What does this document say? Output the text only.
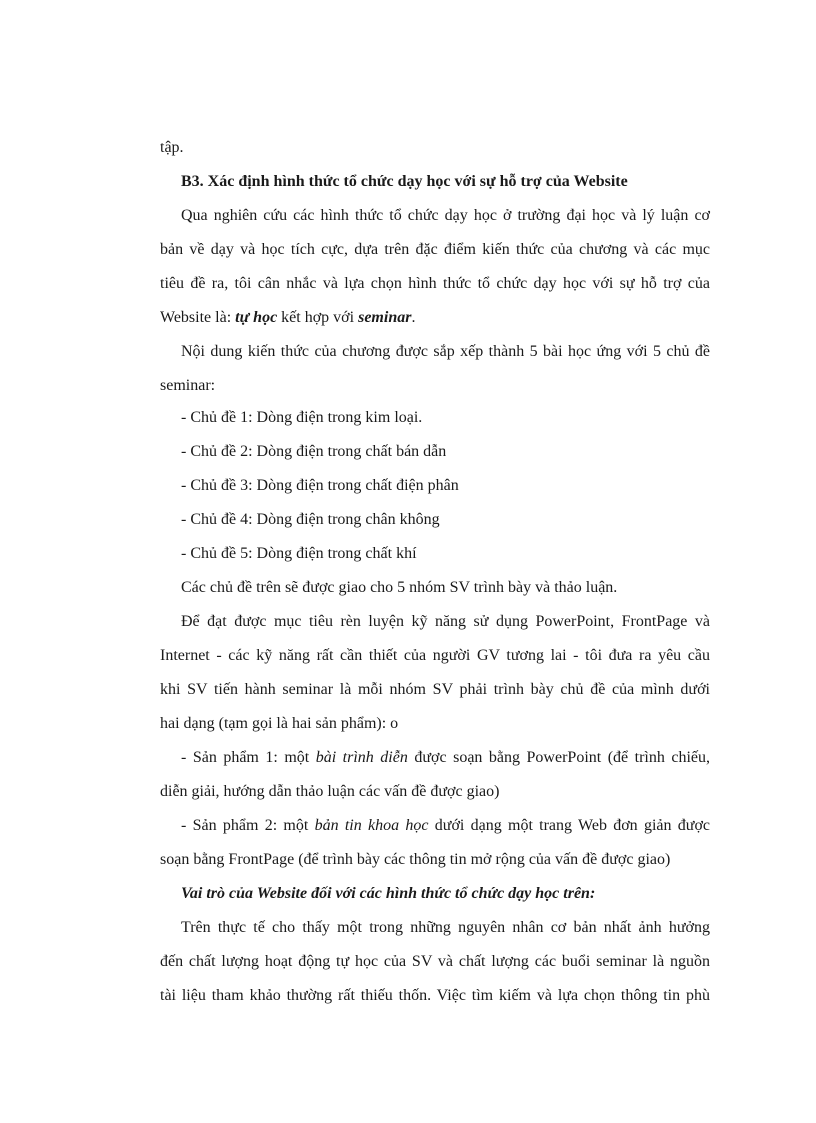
tập.
B3. Xác định hình thức tổ chức dạy học với sự hỗ trợ của Website
Qua nghiên cứu các hình thức tổ chức dạy học ở trường đại học và lý luận cơ
bản về dạy và học tích cực, dựa trên đặc điểm kiến thức của chương và các mục
tiêu đề ra, tôi cân nhắc và lựa chọn hình thức tổ chức dạy học với sự hỗ trợ của
Website là: tự học kết hợp với seminar.
Nội dung kiến thức của chương được sắp xếp thành 5 bài học ứng với 5 chủ đề
seminar:
- Chủ đề 1: Dòng điện trong kim loại.
- Chủ đề 2: Dòng điện trong chất bán dẫn
- Chủ đề 3: Dòng điện trong chất điện phân
- Chủ đề 4: Dòng điện trong chân không
- Chủ đề 5: Dòng điện trong chất khí
Các chủ đề trên sẽ được giao cho 5 nhóm SV trình bày và thảo luận.
Để đạt được mục tiêu rèn luyện kỹ năng sử dụng PowerPoint, FrontPage và
Internet - các kỹ năng rất cần thiết của người GV tương lai - tôi đưa ra yêu cầu
khi SV tiến hành seminar là mỗi nhóm SV phải trình bày chủ đề của mình dưới
hai dạng (tạm gọi là hai sản phẩm): o
- Sản phẩm 1: một bài trình diễn được soạn bằng PowerPoint (để trình chiếu,
diễn giải, hướng dẫn thảo luận các vấn đề được giao)
- Sản phẩm 2: một bản tin khoa học dưới dạng một trang Web đơn giản được
soạn bằng FrontPage (để trình bày các thông tin mở rộng của vấn đề được giao)
Vai trò của Website đối với các hình thức tổ chức dạy học trên:
Trên thực tế cho thấy một trong những nguyên nhân cơ bản nhất ảnh hưởng
đến chất lượng hoạt động tự học của SV và chất lượng các buổi seminar là nguồn
tài liệu tham khảo thường rất thiếu thốn. Việc tìm kiếm và lựa chọn thông tin phù
